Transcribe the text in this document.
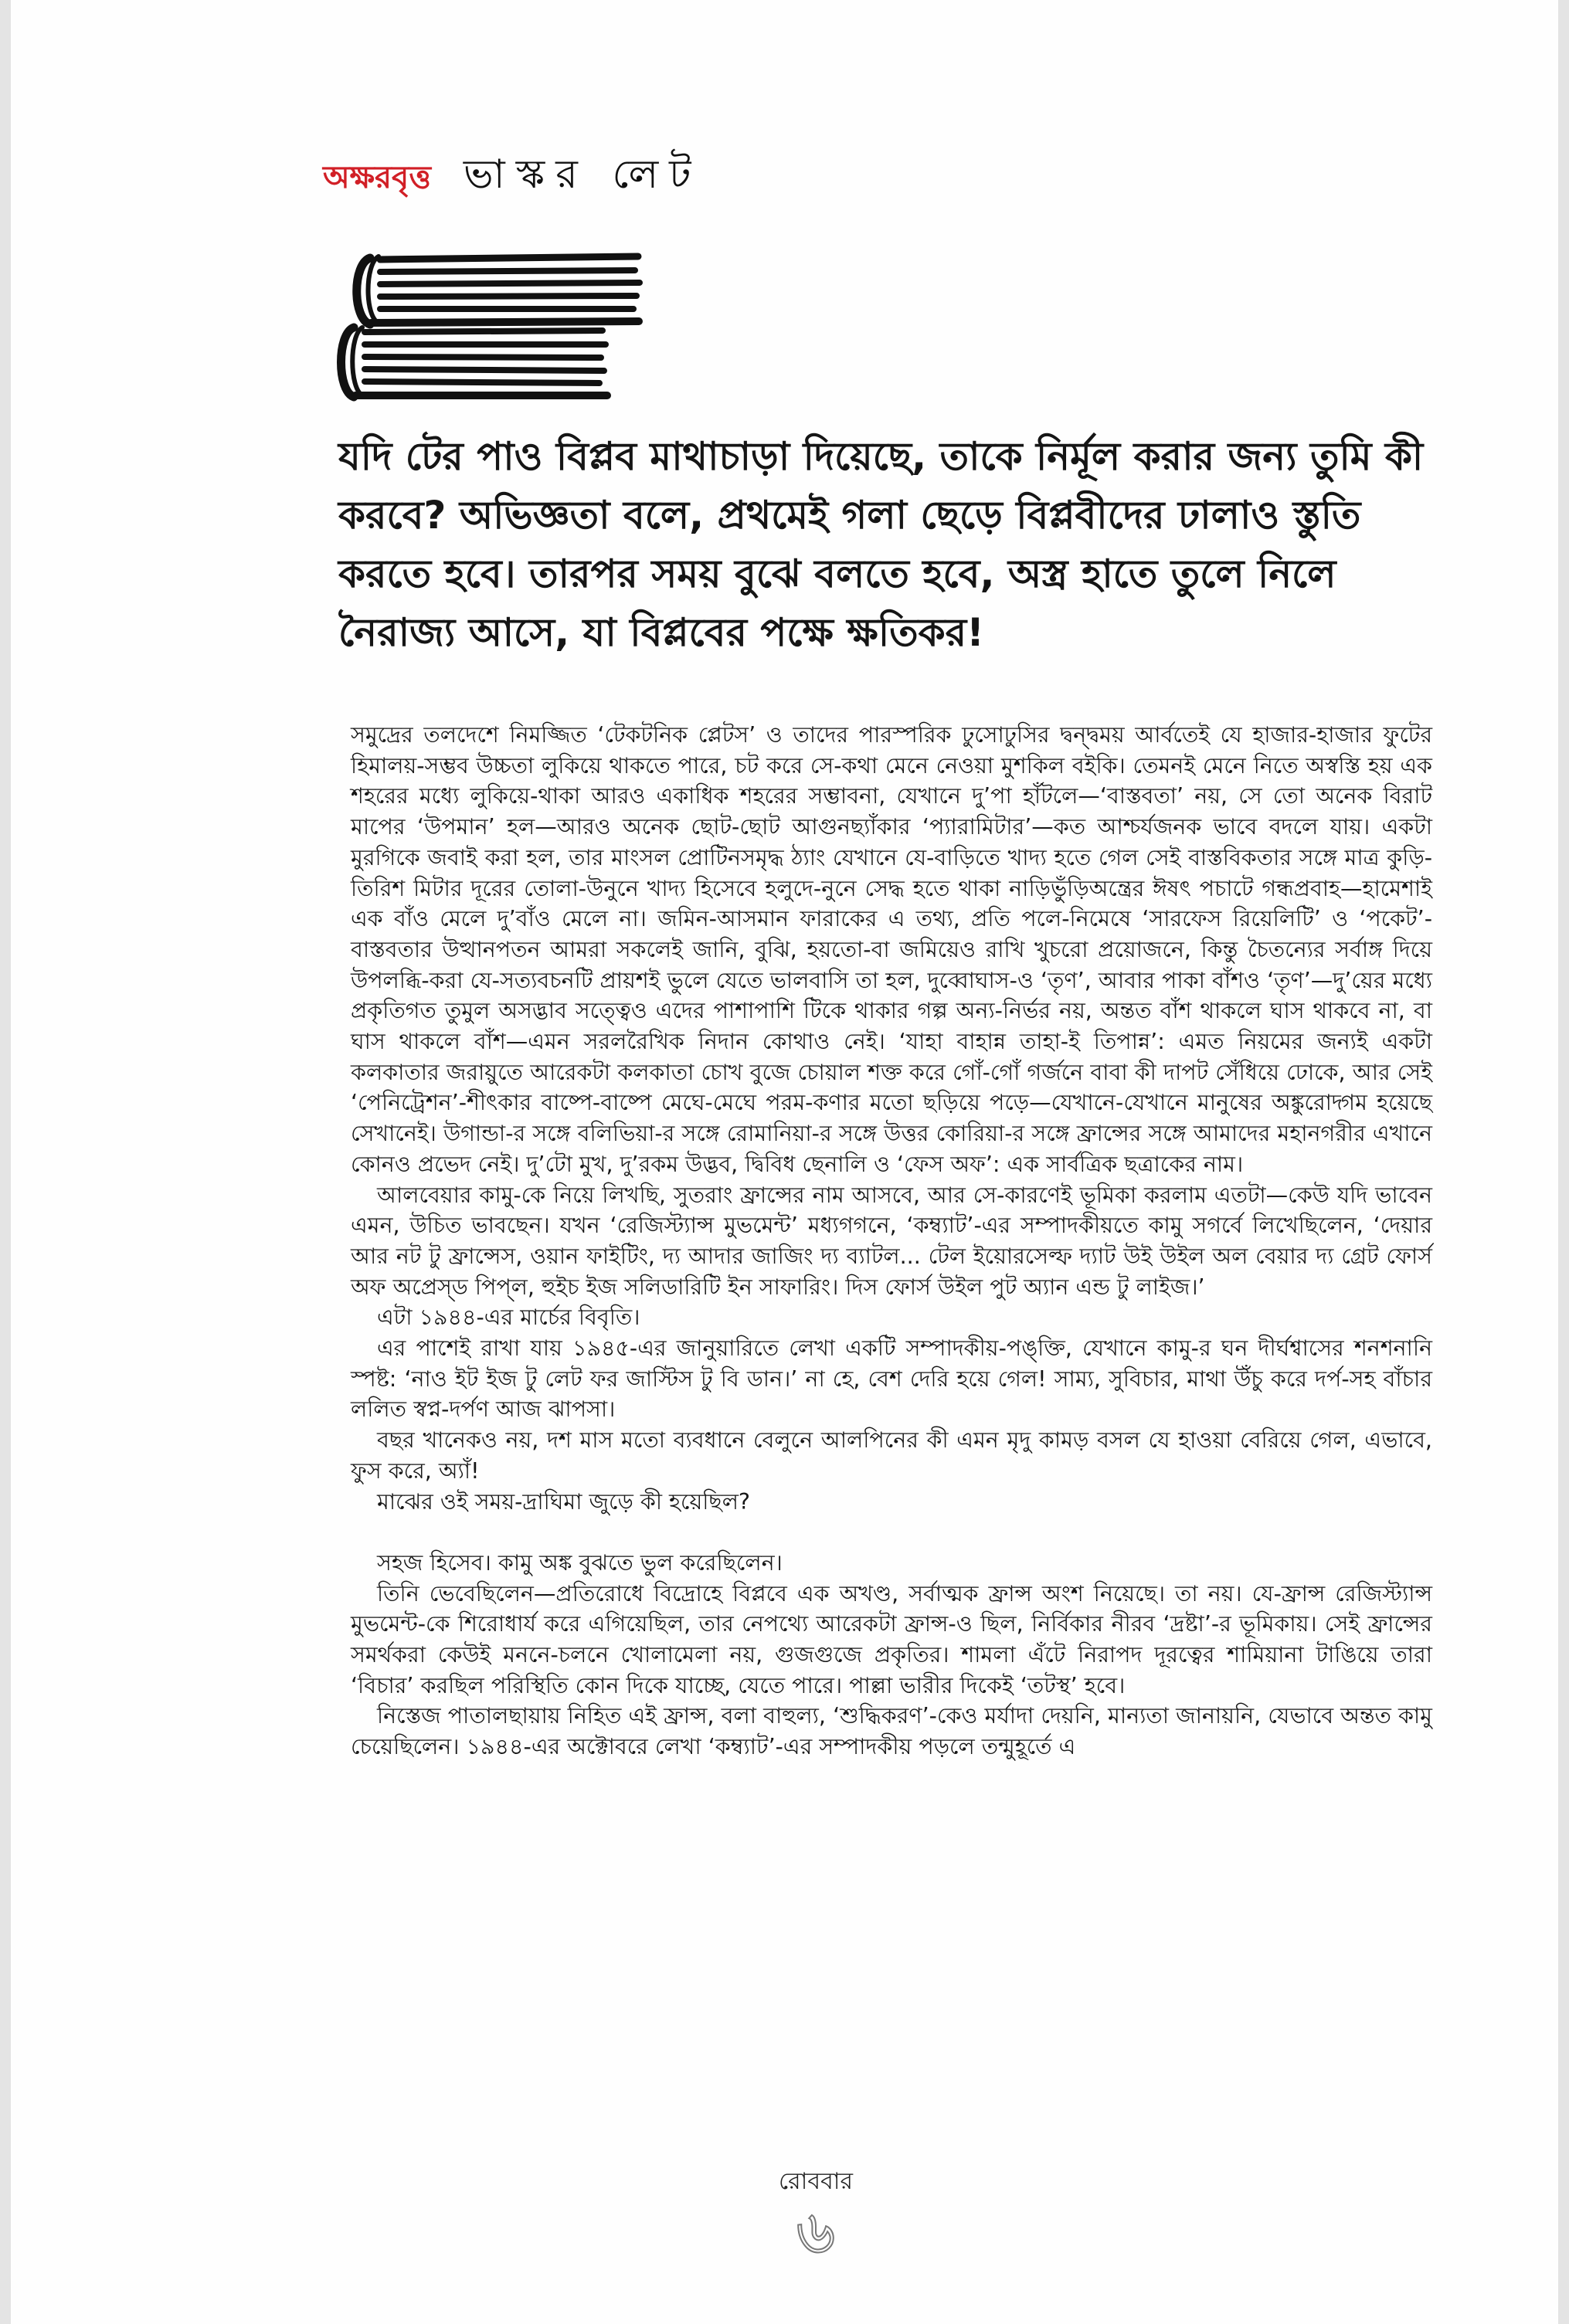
অক্ষরবৃত্ত ভাস্কর লেট
যদি টের পাও বিপ্লব মাথাচাড়া দিয়েছে, তাকে নির্মূল করার জন্য তুমি কী করবে? অভিজ্ঞতা বলে, প্রথমেই গলা ছেড়ে বিপ্লবীদের ঢালাও স্তুতি করতে হবে। তারপর সময় বুঝে বলতে হবে, অস্ত্র হাতে তুলে নিলে নৈরাজ্য আসে, যা বিপ্লবের পক্ষে ক্ষতিকর!

সমুদ্রের তলদেশে নিমজ্জিত ‘টেকটনিক প্লেটস’ ও তাদের পারস্পরিক ঢুসোঢুসির দ্বন্দ্বময় আর্বতেই যে হাজার-হাজার ফুটের হিমালয়-সম্ভব উচ্চতা লুকিয়ে থাকতে পারে, চট করে সে-কথা মেনে নেওয়া মুশকিল বইকি। তেমনই মেনে নিতে অস্বস্তি হয় এক শহরের মধ্যে লুকিয়ে-থাকা আরও একাধিক শহরের সম্ভাবনা, যেখানে দু’পা হাঁটলে—‘বাস্তবতা’ নয়, সে তো অনেক বিরাট মাপের ‘উপমান’ হল—আরও অনেক ছোট-ছোট আগুনছ্যাঁকার ‘প্যারামিটার’—কত আশ্চর্যজনক ভাবে বদলে যায়। একটা মুরগিকে জবাই করা হল, তার মাংসল প্রোটিনসমৃদ্ধ ঠ্যাং যেখানে যে-বাড়িতে খাদ্য হতে গেল সেই বাস্তবিকতার সঙ্গে মাত্র কুড়ি-তিরিশ মিটার দূরের তোলা-উনুনে খাদ্য হিসেবে হলুদে-নুনে সেদ্ধ হতে থাকা নাড়িভুঁড়িঅন্ত্রের ঈষৎ পচাটে গন্ধপ্রবাহ—হামেশাই এক বাঁও মেলে দু’বাঁও মেলে না। জমিন-আসমান ফারাকের এ তথ্য, প্রতি পলে-নিমেষে ‘সারফেস রিয়েলিটি’ ও ‘পকেট’-বাস্তবতার উত্থানপতন আমরা সকলেই জানি, বুঝি, হয়তো-বা জমিয়েও রাখি খুচরো প্রয়োজনে, কিন্তু চৈতন্যের সর্বাঙ্গ দিয়ে উপলব্ধি-করা যে-সত্যবচনটি প্রায়শই ভুলে যেতে ভালবাসি তা হল, দুব্বোঘাস-ও ‘তৃণ’, আবার পাকা বাঁশও ‘তৃণ’—দু’য়ের মধ্যে প্রকৃতিগত তুমুল অসদ্ভাব সত্ত্বেও এদের পাশাপাশি টিকে থাকার গল্প অন্য-নির্ভর নয়, অন্তত বাঁশ থাকলে ঘাস থাকবে না, বা ঘাস থাকলে বাঁশ—এমন সরলরৈখিক নিদান কোথাও নেই। ‘যাহা বাহান্ন তাহা-ই তিপান্ন’: এমত নিয়মের জন্যই একটা কলকাতার জরায়ুতে আরেকটা কলকাতা চোখ বুজে চোয়াল শক্ত করে গোঁ-গোঁ গর্জনে বাবা কী দাপট সেঁধিয়ে ঢোকে, আর সেই ‘পেনিট্রেশন’-শীৎকার বাষ্পে-বাষ্পে মেঘে-মেঘে পরম-কণার মতো ছড়িয়ে পড়ে—যেখানে-যেখানে মানুষের অঙ্কুরোদ্গম হয়েছে সেখানেই। উগান্ডা-র সঙ্গে বলিভিয়া-র সঙ্গে রোমানিয়া-র সঙ্গে উত্তর কোরিয়া-র সঙ্গে ফ্রান্সের সঙ্গে আমাদের মহানগরীর এখানে কোনও প্রভেদ নেই। দু’টো মুখ, দু’রকম উদ্ভব, দ্বিবিধ ছেনালি ও ‘ফেস অফ’: এক সার্বত্রিক ছত্রাকের নাম।

আলবেয়ার কামু-কে নিয়ে লিখছি, সুতরাং ফ্রান্সের নাম আসবে, আর সে-কারণেই ভূমিকা করলাম এতটা—কেউ যদি ভাবেন এমন, উচিত ভাবছেন। যখন ‘রেজিস্ট্যান্স মুভমেন্ট’ মধ্যগগনে, ‘কম্ব্যাট’-এর সম্পাদকীয়তে কামু সগর্বে লিখেছিলেন, ‘দেয়ার আর নট টু ফ্রান্সেস, ওয়ান ফাইটিং, দ্য আদার জাজিং দ্য ব্যাটল... টেল ইয়োরসেল্ফ দ্যাট উই উইল অল বেয়ার দ্য গ্রেট ফোর্স অফ অপ্রেস্ড পিপ্‌ল, হুইচ ইজ সলিডারিটি ইন সাফারিং। দিস ফোর্স উইল পুট অ্যান এন্ড টু লাইজ।’

এটা ১৯৪৪-এর মার্চের বিবৃতি।

এর পাশেই রাখা যায় ১৯৪৫-এর জানুয়ারিতে লেখা একটি সম্পাদকীয়-পঙ্‌ক্তি, যেখানে কামু-র ঘন দীর্ঘশ্বাসের শনশনানি স্পষ্ট: ‘নাও ইট ইজ টু লেট ফর জাস্টিস টু বি ডান।’ না হে, বেশ দেরি হয়ে গেল! সাম্য, সুবিচার, মাথা উঁচু করে দর্প-সহ বাঁচার ললিত স্বপ্ন-দর্পণ আজ ঝাপসা।

বছর খানেকও নয়, দশ মাস মতো ব্যবধানে বেলুনে আলপিনের কী এমন মৃদু কামড় বসল যে হাওয়া বেরিয়ে গেল, এভাবে, ফুস করে, অ্যাঁ!

মাঝের ওই সময়-দ্রাঘিমা জুড়ে কী হয়েছিল?

সহজ হিসেব। কামু অঙ্ক বুঝতে ভুল করেছিলেন।

তিনি ভেবেছিলেন—প্রতিরোধে বিদ্রোহে বিপ্লবে এক অখণ্ড, সর্বাত্মক ফ্রান্স অংশ নিয়েছে। তা নয়। যে-ফ্রান্স রেজিস্ট্যান্স মুভমেন্ট-কে শিরোধার্য করে এগিয়েছিল, তার নেপথ্যে আরেকটা ফ্রান্স-ও ছিল, নির্বিকার নীরব ‘দ্রষ্টা’-র ভূমিকায়। সেই ফ্রান্সের সমর্থকরা কেউই মননে-চলনে খোলামেলা নয়, গুজগুজে প্রকৃতির। শামলা এঁটে নিরাপদ দূরত্বের শামিয়ানা টাঙিয়ে তারা ‘বিচার’ করছিল পরিস্থিতি কোন দিকে যাচ্ছে, যেতে পারে। পাল্লা ভারীর দিকেই ‘তটস্থ’ হবে।

নিস্তেজ পাতালছায়ায় নিহিত এই ফ্রান্স, বলা বাহুল্য, ‘শুদ্ধিকরণ’-কেও মর্যাদা দেয়নি, মান্যতা জানায়নি, যেভাবে অন্তত কামু চেয়েছিলেন। ১৯৪৪-এর অক্টোবরে লেখা ‘কম্ব্যাট’-এর সম্পাদকীয় পড়লে তন্মুহূর্তে এ

রোববার
৬
